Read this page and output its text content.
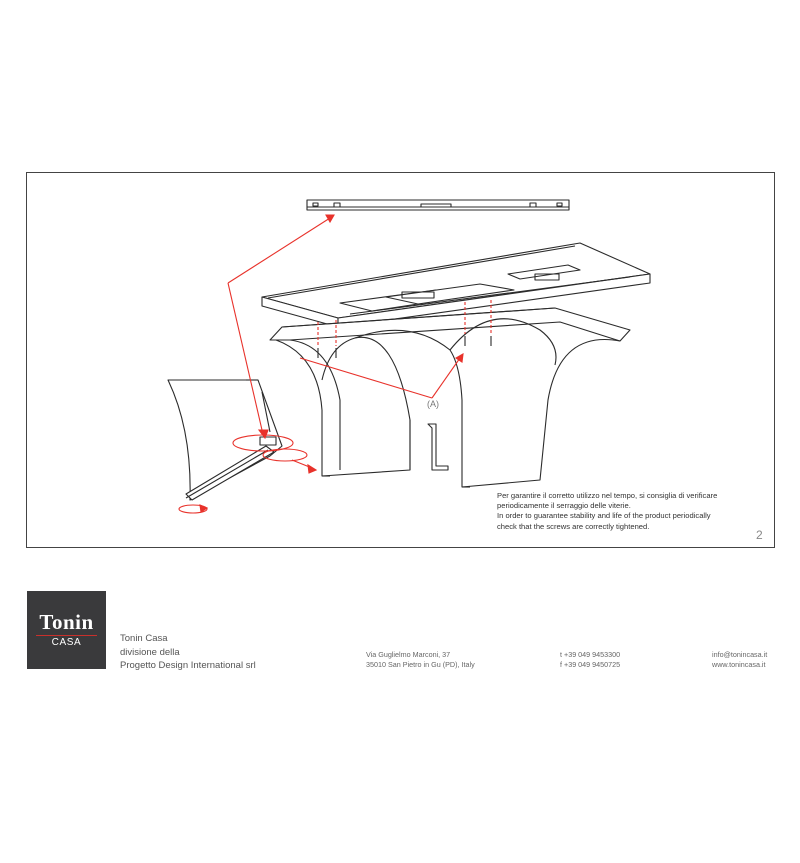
(A)
Per garantire il corretto utilizzo nel tempo, si consiglia di verificare
periodicamente il serraggio delle viterie.
In order to guarantee stability and life of the product periodically
check that the screws are correctly tightened.
2
Tonin
CASA	Tonin Casa
divisione della
Progetto Design International srl
Via Guglielmo Marconi, 37
35010 San Pietro in Gu (PD), Italy
t +39 049 9453300
f +39 049 9450725
info@tonincasa.it
www.tonincasa.it
